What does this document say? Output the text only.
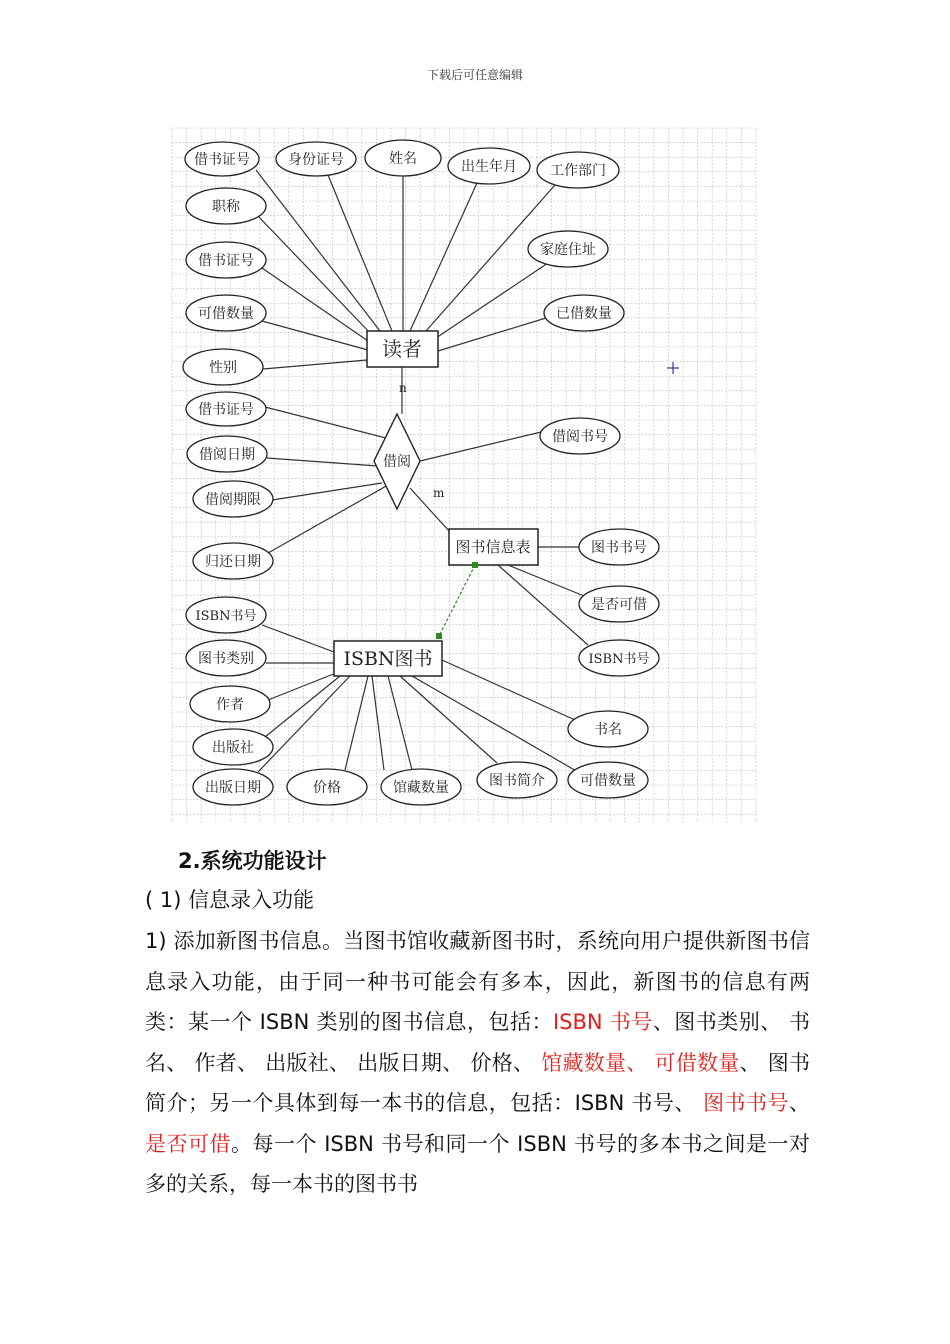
下载后可任意编辑
借书证号	身份证号	姓名	出生年月 工作部门
职称
借书证号
家庭住址
可借数量	已借数量
性别
读者
n
借阅
m
借书证号
借阅日期
借阅期限
归还日期
借阅书号
图书信息表	图书书号
是否可借
ISBN书号
ISBN图书
ISBN书号
图书类别
作者
出版社
出版日期	价格	馆藏数量	图书简介
书名
可借数量
2.系统功能设计
( 1) 信息录入功能
1) 添加新图书信息。当图书馆收藏新图书时，系统向用户提供新图书信息录入功能，由于同一种书可能会有多本，因此，新图书的信息有两类：某一个 ISBN 类别的图书信息，包括：ISBN 书号、图书类别、 书名、 作者、 出版社、 出版日期、 价格、 馆藏数量、 可借数量、 图书简介；另一个具体到每一本书的信息，包括：ISBN 书号、 图书书号、 是否可借。每一个 ISBN 书号和同一个 ISBN 书号的多本书之间是一对多的关系，每一本书的图书书
